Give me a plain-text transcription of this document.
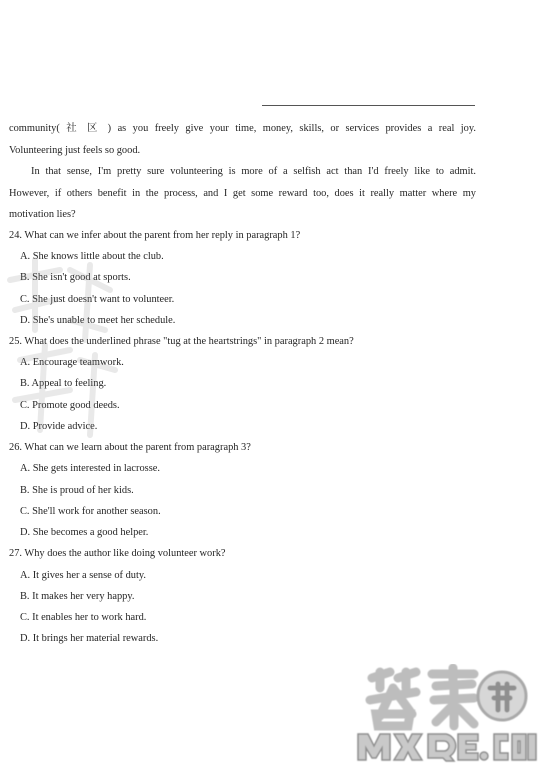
community( 社 区 ) as you freely give your time, money, skills, or services provides a real joy.
Volunteering just feels so good.
In that sense, I'm pretty sure volunteering is more of a selfish act than I'd freely like to admit.
However, if others benefit in the process, and I get some reward too, does it really matter where my
motivation lies?
24. What can we infer about the parent from her reply in paragraph 1?
A. She knows little about the club.
B. She isn't good at sports.
C. She just doesn't want to volunteer.
D. She's unable to meet her schedule.
25. What does the underlined phrase "tug at the heartstrings" in paragraph 2 mean?
A. Encourage teamwork.
B. Appeal to feeling.
C. Promote good deeds.
D. Provide advice.
26. What can we learn about the parent from paragraph 3?
A. She gets interested in lacrosse.
B. She is proud of her kids.
C. She'll work for another season.
D. She becomes a good helper.
27. Why does the author like doing volunteer work?
A. It gives her a sense of duty.
B. It makes her very happy.
C. It enables her to work hard.
D. It brings her material rewards.
